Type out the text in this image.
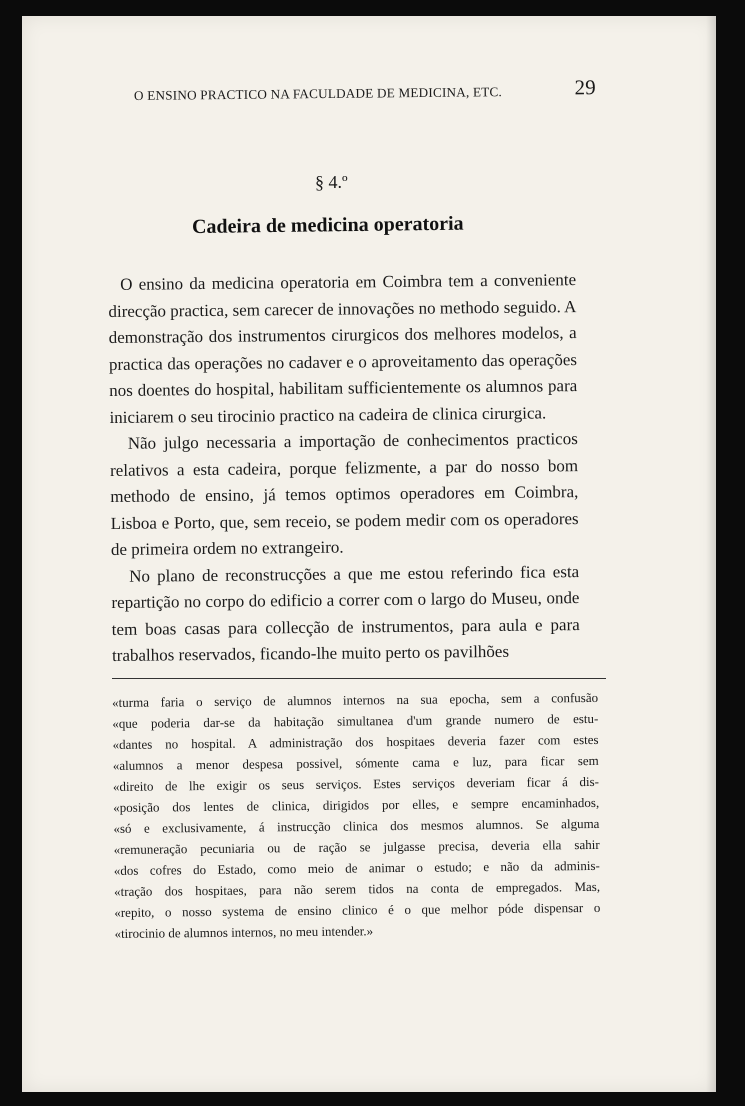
O ENSINO PRACTICO NA FACULDADE DE MEDICINA, ETC.	29
§ 4.º
Cadeira de medicina operatoria

O ensino da medicina operatoria em Coimbra tem a conveniente direcção practica, sem carecer de innovações no methodo seguido. A demonstração dos instrumentos cirurgicos dos melhores modelos, a practica das operações no cadaver e o aproveitamento das operações nos doentes do hospital, habilitam sufficientemente os alumnos para iniciarem o seu tirocinio practico na cadeira de clinica cirurgica.

Não julgo necessaria a importação de conhecimentos practicos relativos a esta cadeira, porque felizmente, a par do nosso bom methodo de ensino, já temos optimos operadores em Coimbra, Lisboa e Porto, que, sem receio, se podem medir com os operadores de primeira ordem no extrangeiro.

No plano de reconstrucções a que me estou referindo fica esta repartição no corpo do edificio a correr com o largo do Museu, onde tem boas casas para collecção de instrumentos, para aula e para trabalhos reservados, ficando-lhe muito perto os pavilhões

«turma faria o serviço de alumnos internos na sua epocha, sem a confusão
«que poderia dar-se da habitação simultanea d'um grande numero de estu-
«dantes no hospital. A administração dos hospitaes deveria fazer com estes
«alumnos a menor despesa possivel, sómente cama e luz, para ficar sem
«direito de lhe exigir os seus serviços. Estes serviços deveriam ficar á dis-
«posição dos lentes de clinica, dirigidos por elles, e sempre encaminhados,
«só e exclusivamente, á instrucção clinica dos mesmos alumnos. Se alguma
«remuneração pecuniaria ou de ração se julgasse precisa, deveria ella sahir
«dos cofres do Estado, como meio de animar o estudo; e não da adminis-
«tração dos hospitaes, para não serem tidos na conta de empregados. Mas,
«repito, o nosso systema de ensino clinico é o que melhor póde dispensar o
«tirocinio de alumnos internos, no meu intender.»
